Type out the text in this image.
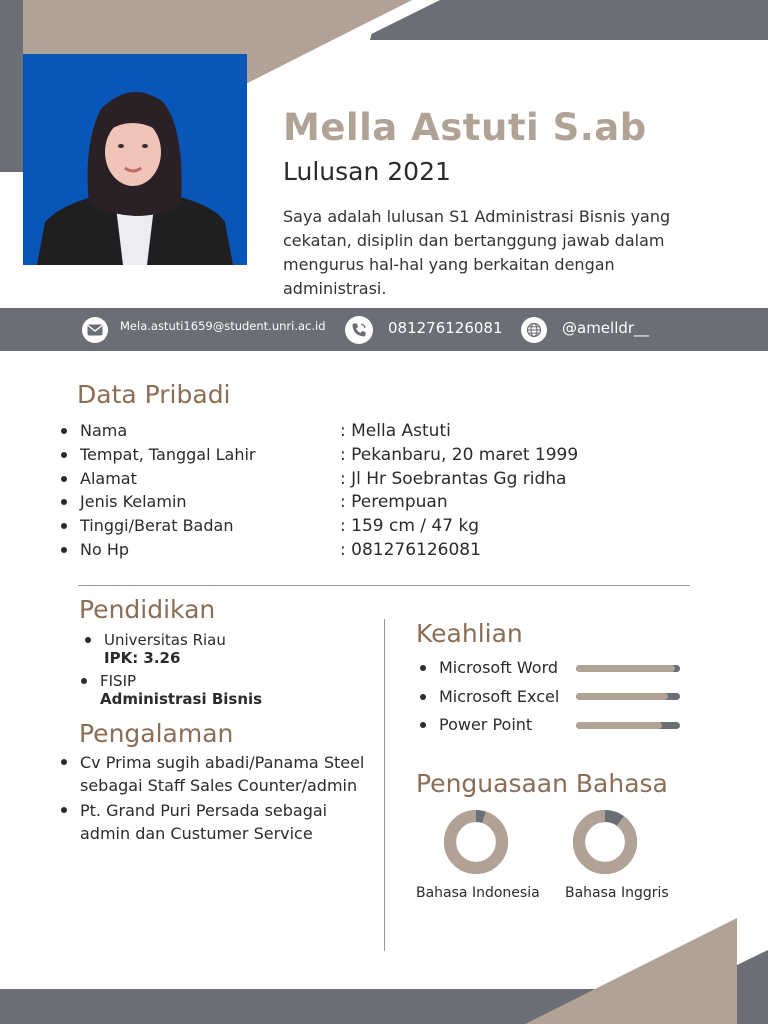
Mella Astuti S.ab
Lulusan 2021
Saya adalah lulusan S1 Administrasi Bisnis yang cekatan, disiplin dan bertanggung jawab dalam mengurus hal-hal yang berkaitan dengan administrasi.
Mela.astuti1659@student.unri.ac.id	081276126081	@amelldr__
Data Pribadi
Nama
Tempat, Tanggal Lahir
Alamat
Jenis Kelamin
Tinggi/Berat Badan
No Hp
: Mella Astuti
: Pekanbaru, 20 maret 1999
: Jl Hr Soebrantas Gg ridha
: Perempuan
: 159 cm / 47 kg
: 081276126081
Pendidikan
Universitas Riau
IPK: 3.26
FISIP
Administrasi Bisnis
Pengalaman
Cv Prima sugih abadi/Panama Steel sebagai Staff Sales Counter/admin
Pt. Grand Puri Persada sebagai admin dan Custumer Service
Keahlian
Microsoft Word
Microsoft Excel
Power Point
Penguasaan Bahasa
Bahasa Indonesia Bahasa Inggris
